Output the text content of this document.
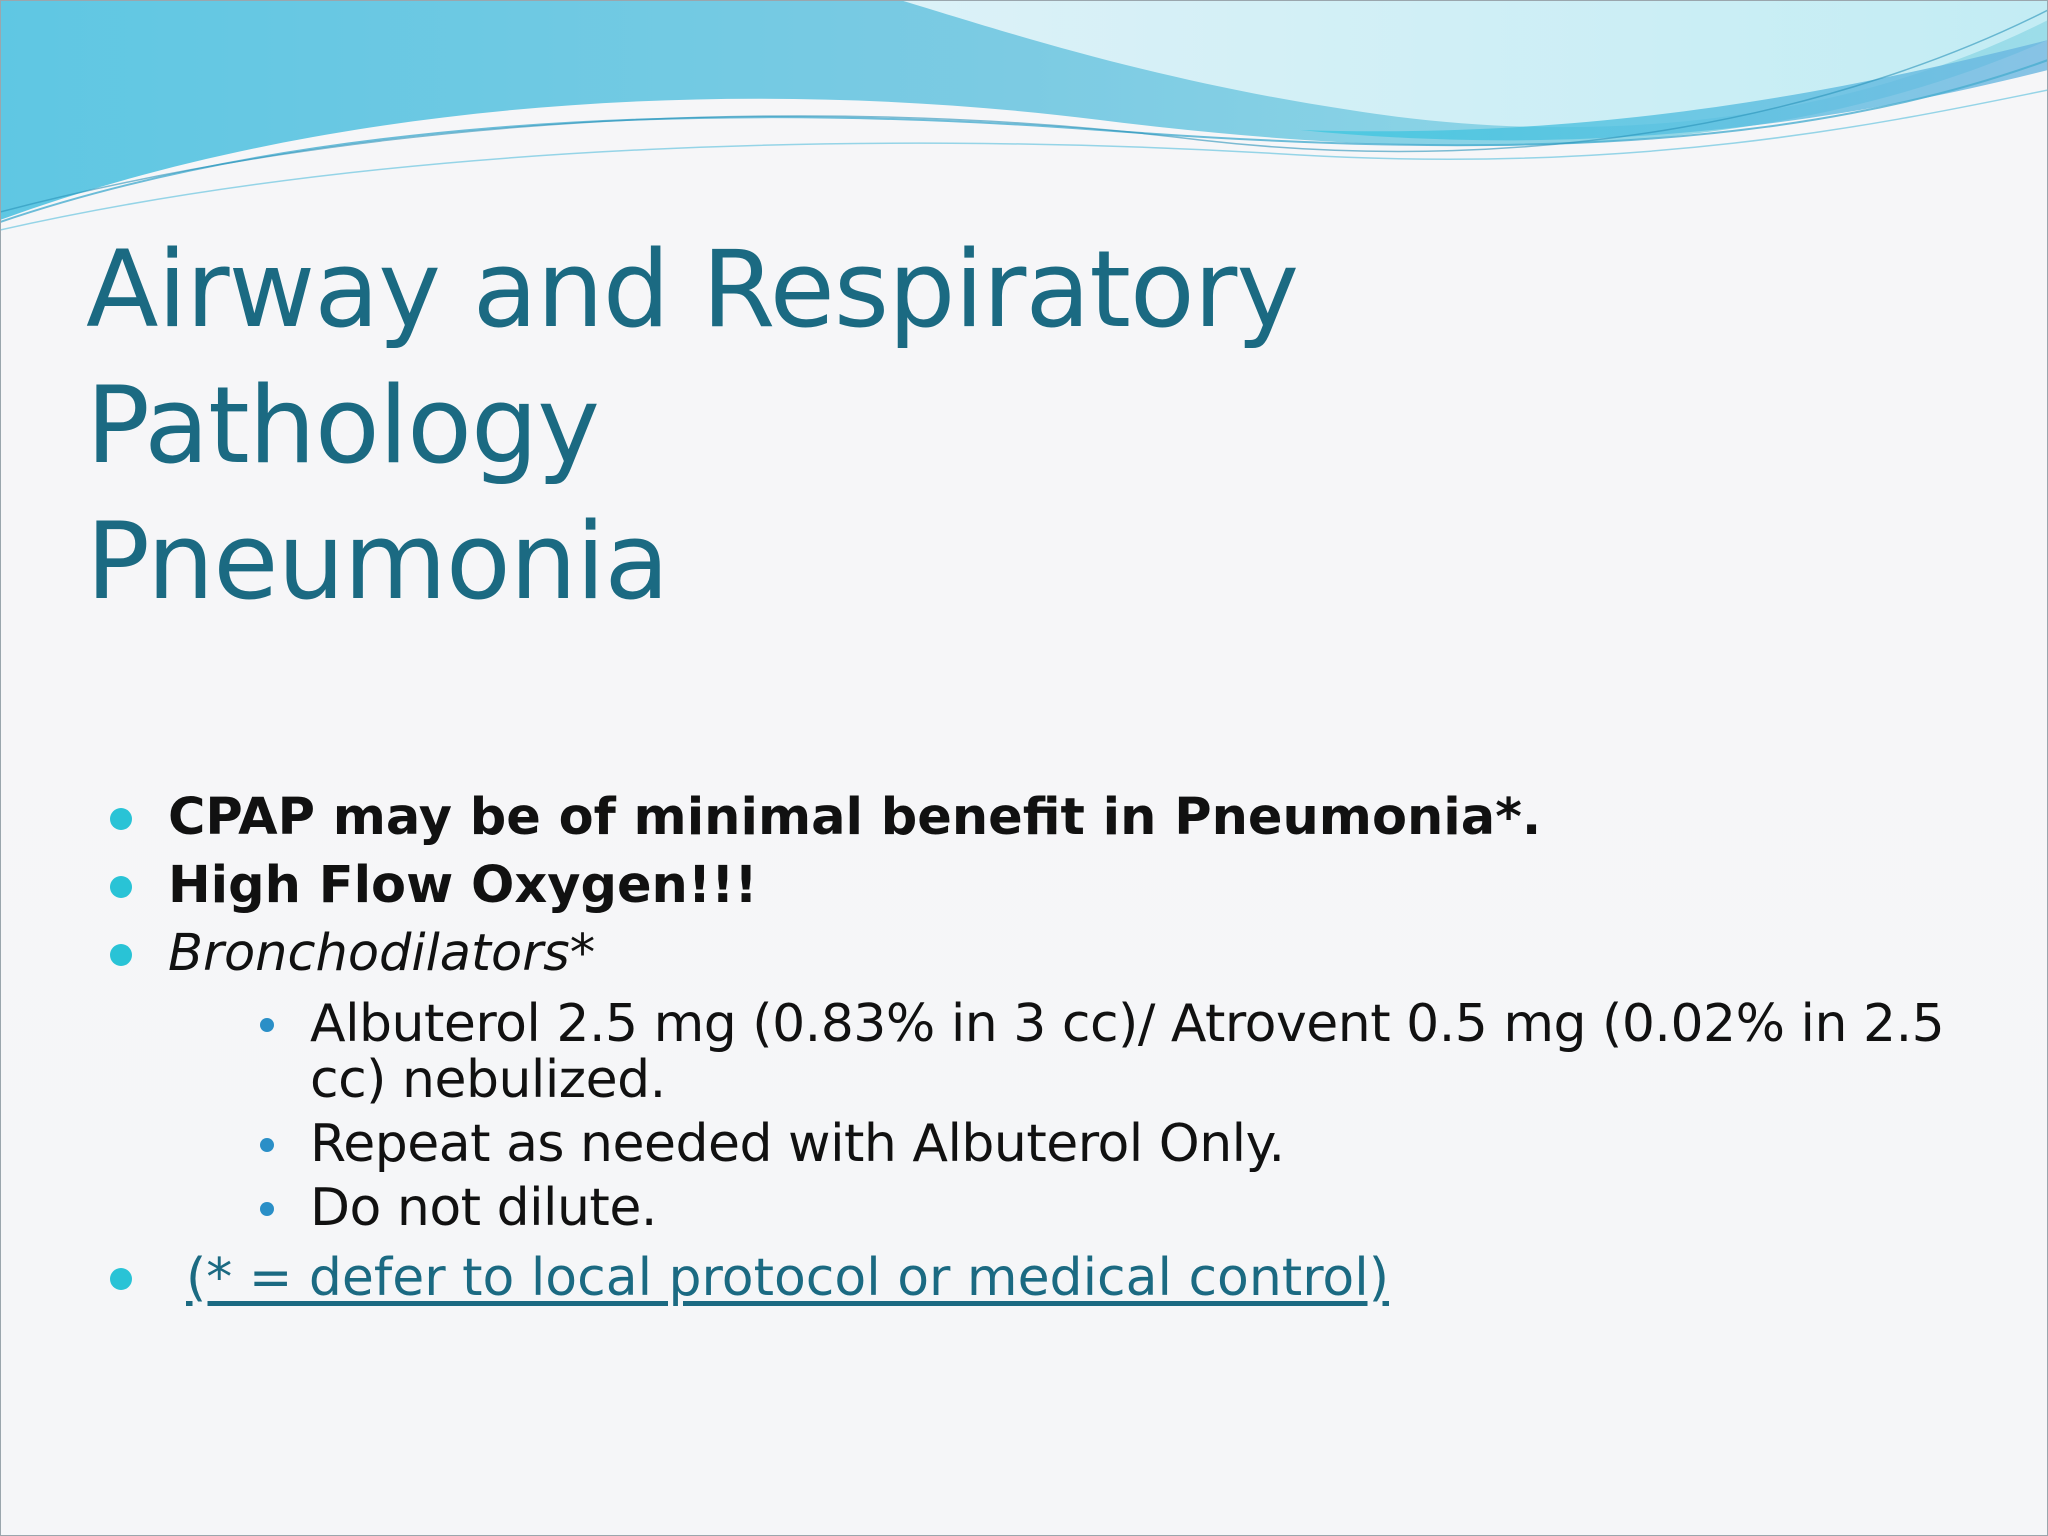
Airway and Respiratory
Pathology
Pneumonia
CPAP may be of minimal benefit in Pneumonia*.
High Flow Oxygen!!!
Bronchodilators*
Albuterol 2.5 mg (0.83% in 3 cc)/ Atrovent 0.5 mg (0.02% in 2.5 cc) nebulized.
Repeat as needed with Albuterol Only.
Do not dilute.
(* = defer to local protocol or medical control)
